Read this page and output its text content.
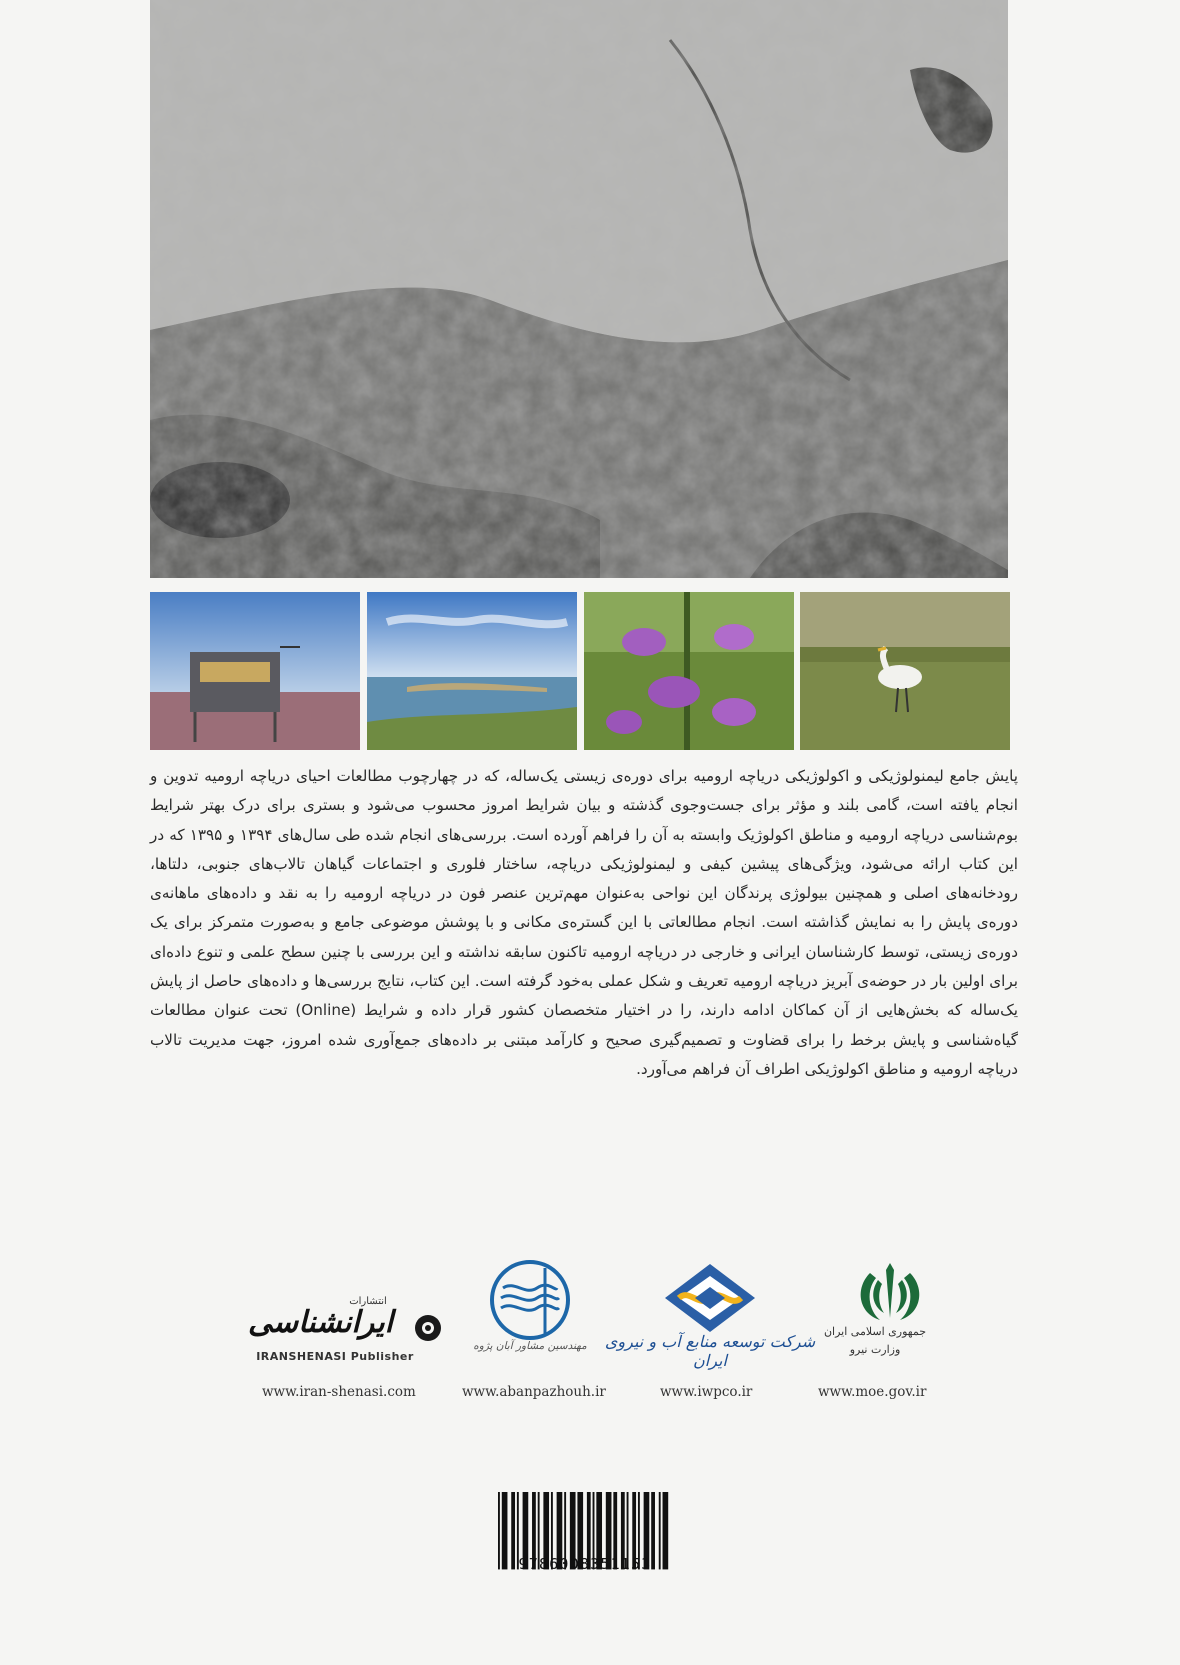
پایش جامع لیمنولوژیکی و اکولوژیکی دریاچه ارومیه برای دوره‌ی زیستی یک‌ساله، که در چهارچوب مطالعات احیای دریاچه ارومیه تدوین و انجام یافته است، گامی بلند و مؤثر برای جست‌وجوی گذشته و بیان شرایط امروز محسوب می‌شود و بستری برای درک بهتر شرایط بوم‌شناسی دریاچه ارومیه و مناطق اکولوژیک وابسته به آن را فراهم آورده است. بررسی‌های انجام شده طی سال‌های ۱۳۹۴ و ۱۳۹۵ که در این کتاب ارائه می‌شود، ویژگی‌های پیشین کیفی و لیمنولوژیکی دریاچه، ساختار فلوری و اجتماعات گیاهان تالاب‌های جنوبی، دلتاها، رودخانه‌های اصلی و همچنین بیولوژی پرندگان این نواحی به‌عنوان مهم‌ترین عنصر فون در دریاچه ارومیه را به نقد و داده‌های ماهانه‌ی دوره‌ی پایش را به نمایش گذاشته است. انجام مطالعاتی با این گستره‌ی مکانی و با پوشش موضوعی جامع و به‌صورت متمرکز برای یک دوره‌ی زیستی، توسط کارشناسان ایرانی و خارجی در دریاچه ارومیه تاکنون سابقه نداشته و این بررسی با چنین سطح علمی و تنوع داده‌ای برای اولین بار در حوضه‌ی آبریز دریاچه ارومیه تعریف و شکل عملی به‌خود گرفته است. این کتاب، نتایج بررسی‌ها و داده‌های حاصل از پایش یک‌ساله که بخش‌هایی از آن کماکان ادامه دارند، را در اختیار متخصصان کشور قرار داده و شرایط (Online) تحت عنوان مطالعات گیاه‌شناسی و پایش برخط را برای قضاوت و تصمیم‌گیری صحیح و کارآمد مبتنی بر داده‌های جمع‌آوری شده امروز، جهت مدیریت تالاب دریاچه ارومیه و مناطق اکولوژیکی اطراف آن فراهم می‌آورد.
جمهوری اسلامی ایران
وزارت نیرو
شرکت توسعه منابع آب و نیروی ایران
مهندسین مشاور آبان پژوه
انتشارات
ایرانشناسی
IRANSHENASI Publisher
www.moe.gov.ir
www.iwpco.ir
www.abanpazhouh.ir
www.iran-shenasi.com
9786008351153
